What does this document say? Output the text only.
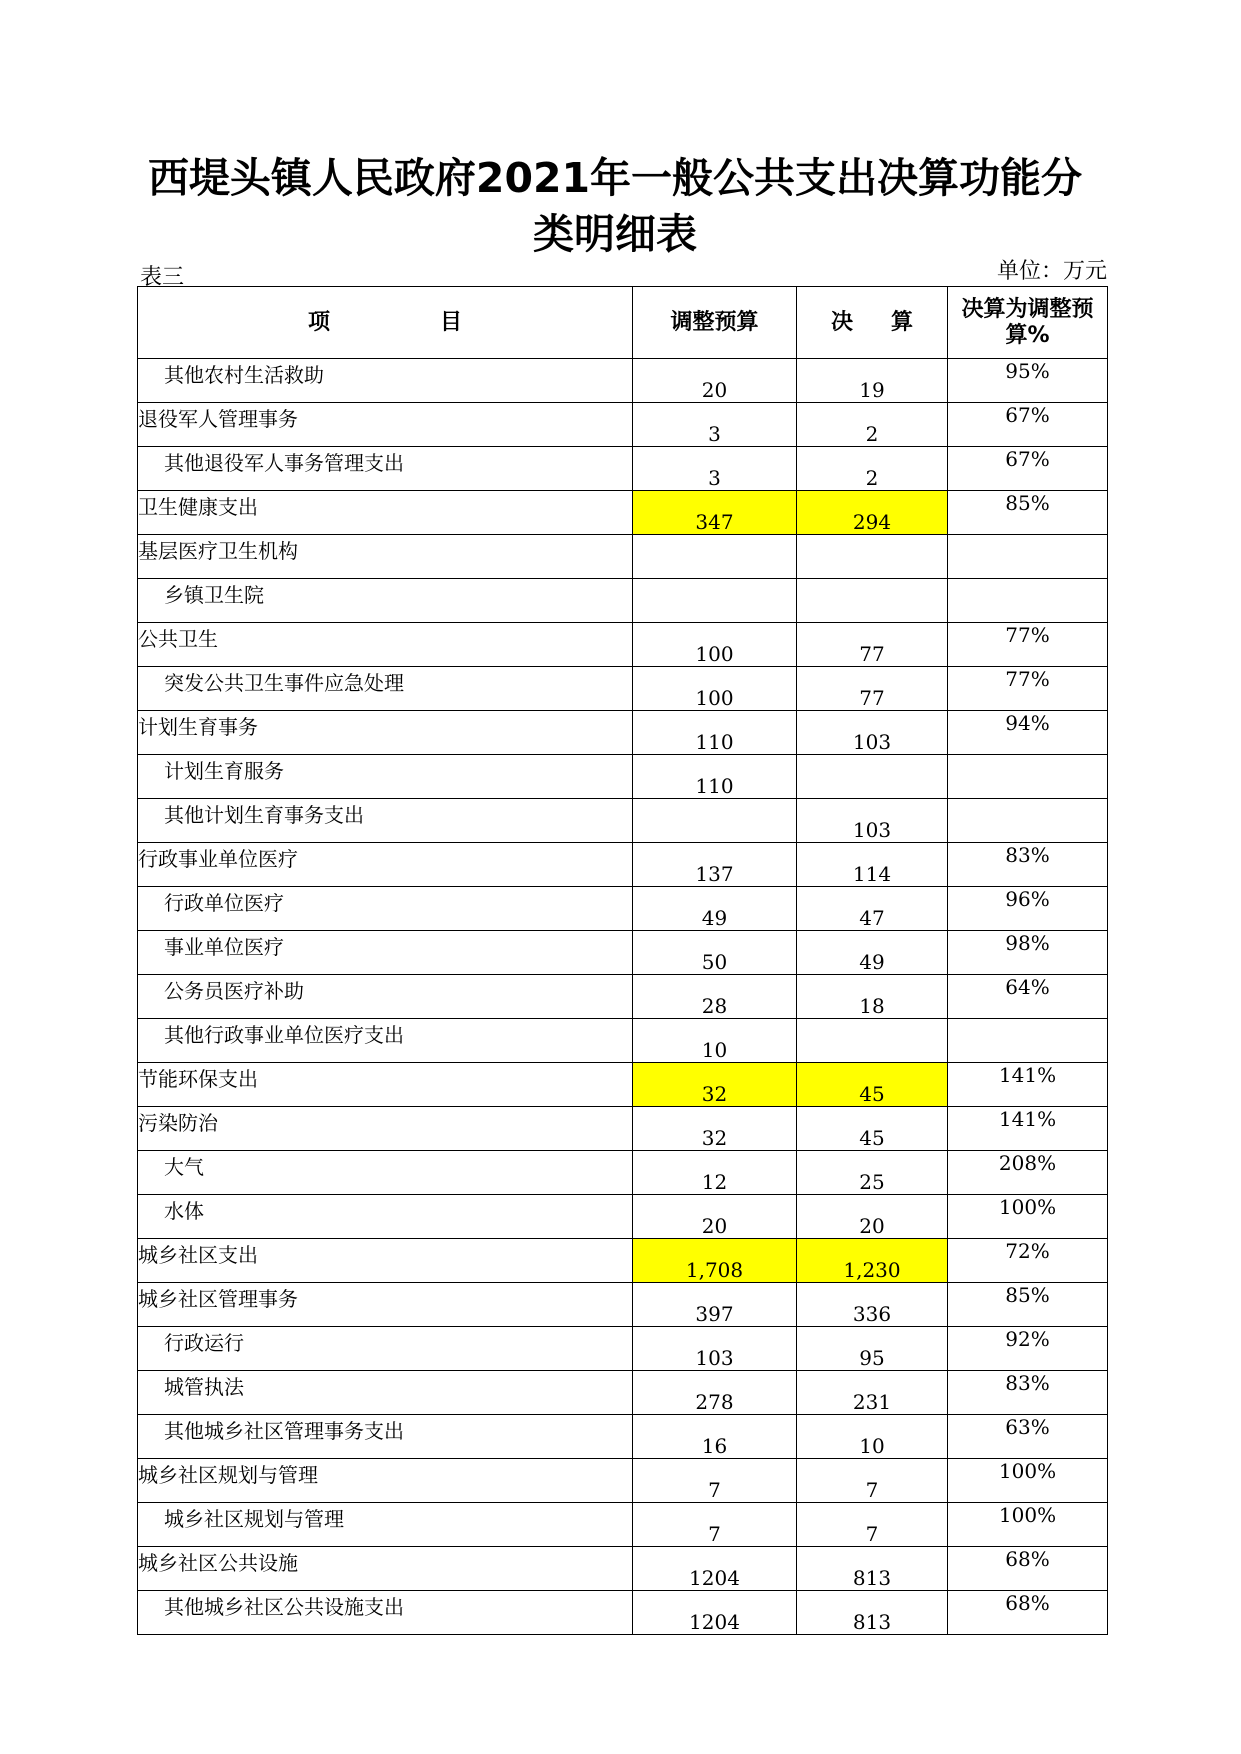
西堤头镇人民政府2021年一般公共支出决算功能分
类明细表
表三	单位：万元
项 目	调整预算	决 算	决算为调整预
算%

其他农村生活救助	20	19	95%
退役军人管理事务	3	2	67%
其他退役军人事务管理支出	3	2	67%
卫生健康支出	347	294	85%
基层医疗卫生机构			
乡镇卫生院			
公共卫生	100	77	77%
突发公共卫生事件应急处理	100	77	77%
计划生育事务	110	103	94%
计划生育服务	110		
其他计划生育事务支出		103	
行政事业单位医疗	137	114	83%
行政单位医疗	49	47	96%
事业单位医疗	50	49	98%
公务员医疗补助	28	18	64%
其他行政事业单位医疗支出	10		
节能环保支出	32	45	141%
污染防治	32	45	141%
大气	12	25	208%
水体	20	20	100%
城乡社区支出	1,708	1,230	72%
城乡社区管理事务	397	336	85%
行政运行	103	95	92%
城管执法	278	231	83%
其他城乡社区管理事务支出	16	10	63%
城乡社区规划与管理	7	7	100%
城乡社区规划与管理	7	7	100%
城乡社区公共设施	1204	813	68%
其他城乡社区公共设施支出	1204	813	68%
